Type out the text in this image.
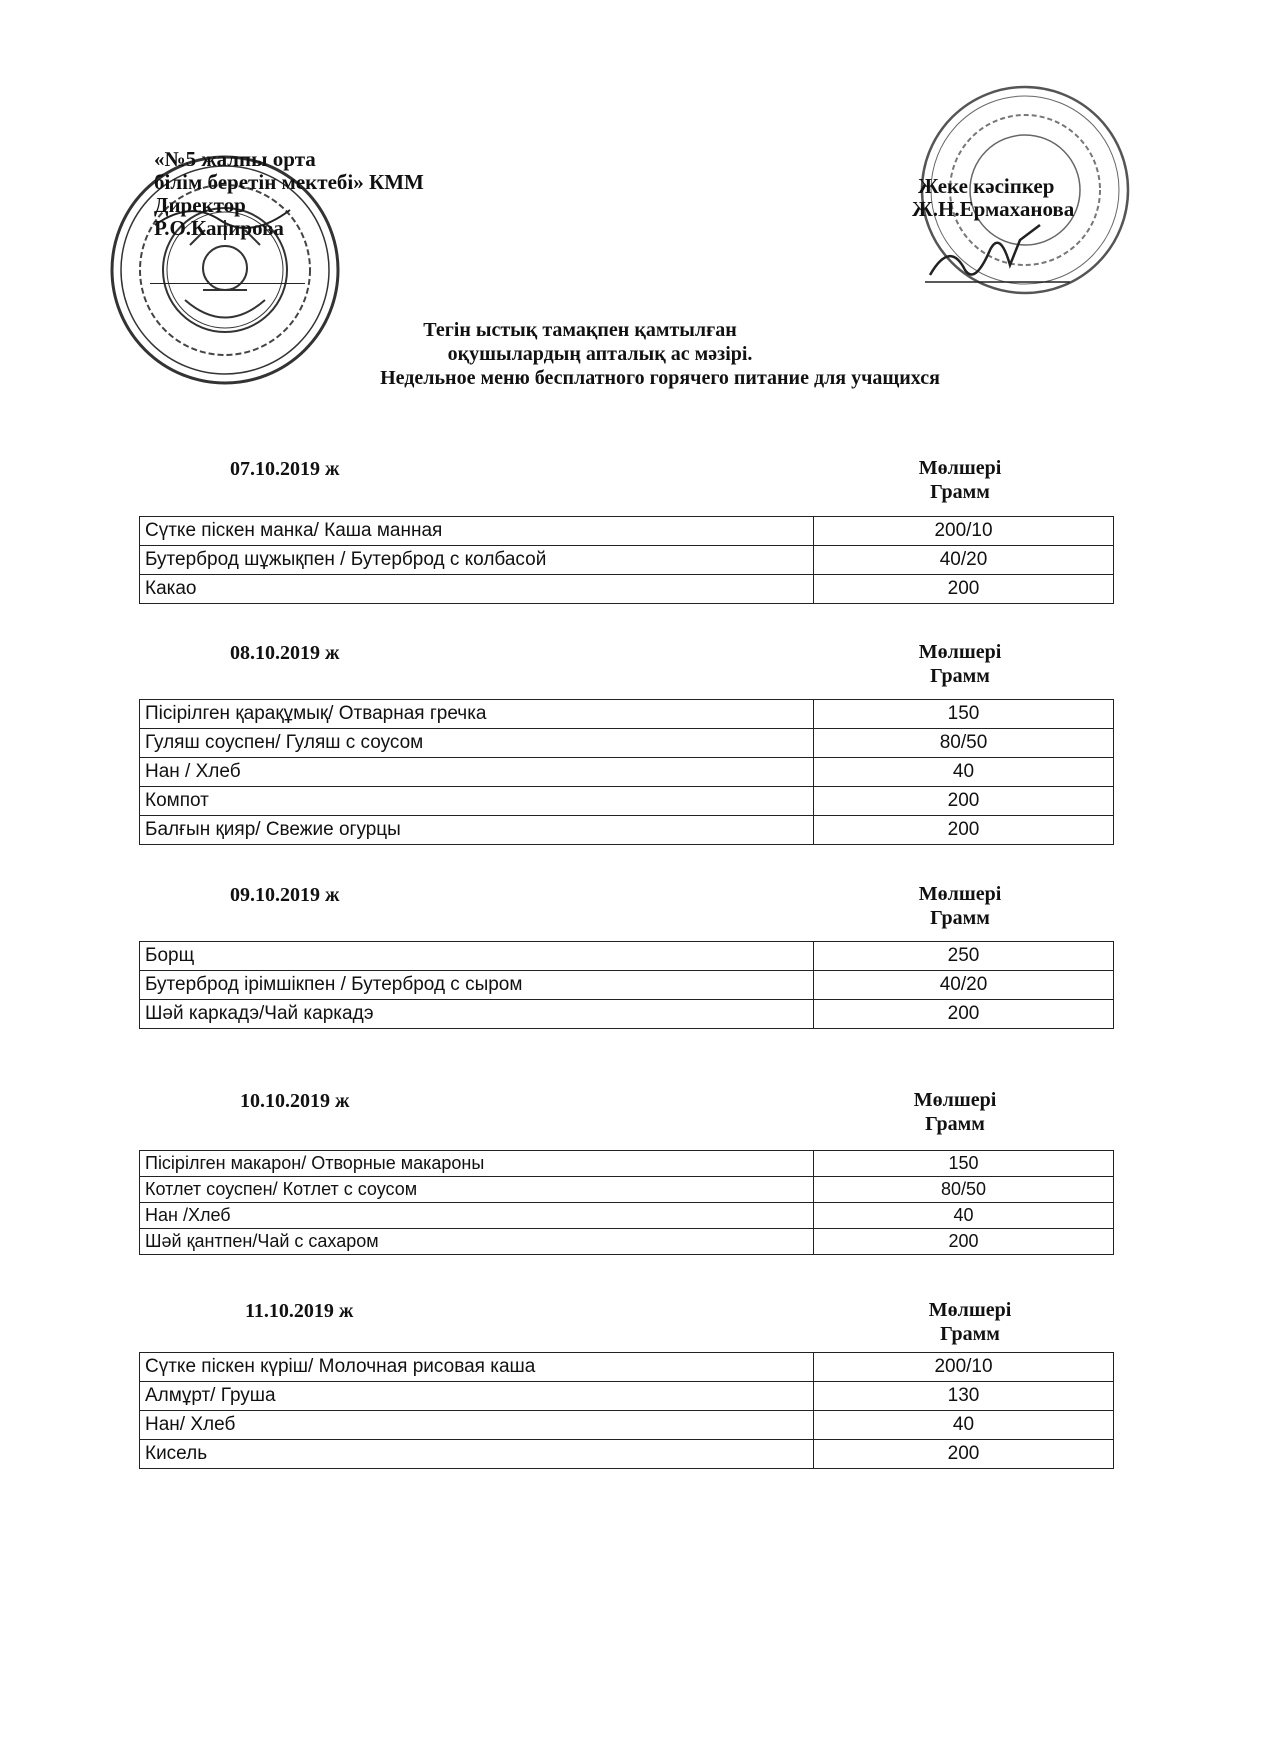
«№5 жалпы орта
білім беретін мектебі» КММ
Директор
Р.О.Капирова
Жеке кәсіпкер
Ж.Н.Ермаханова
Тегін ыстық тамақпен қамтылған
оқушылардың апталық ас мәзірі.
Недельное меню бесплатного горячего питание для учащихся
07.10.2019 ж	Мөлшері
Грамм
Сүтке піскен манка/ Каша манная	200/10
Бутерброд шұжықпен / Бутерброд с колбасой	40/20
Какао	200
08.10.2019 ж	Мөлшері
Грамм
Пісірілген қарақұмық/ Отварная гречка	150
Гуляш соуспен/ Гуляш с соусом	80/50
Нан / Хлеб	40
Компот	200
Балғын қияр/ Свежие огурцы	200
09.10.2019 ж	Мөлшері
Грамм
Борщ	250
Бутерброд ірімшікпен / Бутерброд с сыром	40/20
Шәй каркадэ/Чай каркадэ	200
10.10.2019 ж	Мөлшері
Грамм
Пісірілген макарон/ Отворные макароны	150
Котлет соуспен/ Котлет с соусом	80/50
Нан /Хлеб	40
Шәй қантпен/Чай с сахаром	200
11.10.2019 ж	Мөлшері
Грамм
Сүтке піскен күріш/ Молочная рисовая каша	200/10
Алмұрт/ Груша	130
Нан/ Хлеб	40
Кисель	200
